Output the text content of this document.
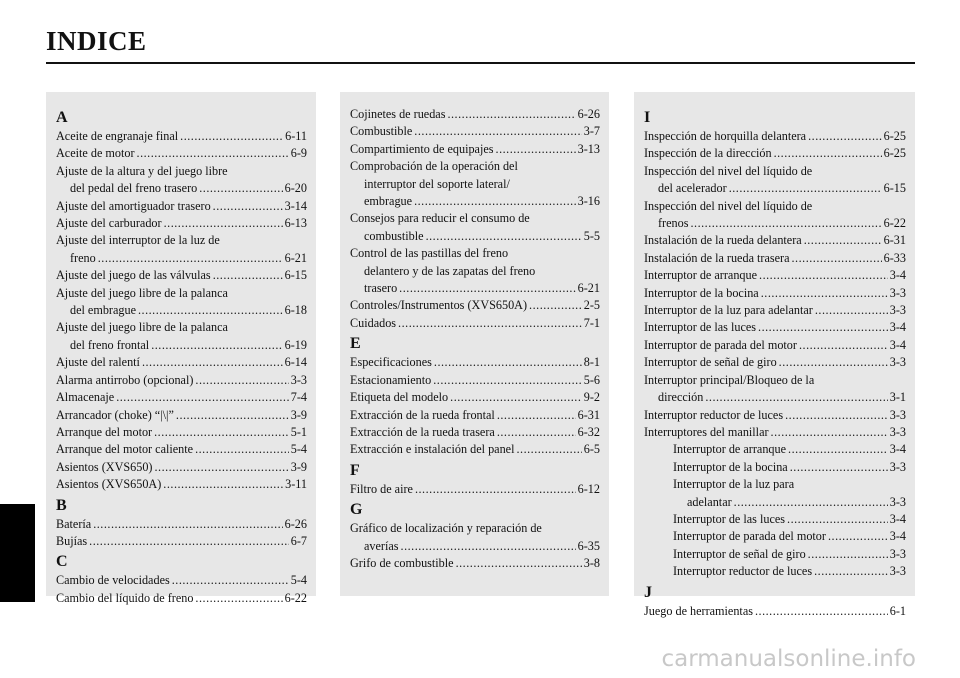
INDICE
A
Aceite de engranaje final .....	6-11
Aceite de motor .....	6-9
Ajuste de la altura y del juego libre
del pedal del freno trasero .....	6-20
Ajuste del amortiguador trasero .....	3-14
Ajuste del carburador .....	6-13
Ajuste del interruptor de la luz de
freno .....	6-21
Ajuste del juego de las válvulas .....	6-15
Ajuste del juego libre de la palanca
del embrague .....	6-18
Ajuste del juego libre de la palanca
del freno frontal .....	6-19
Ajuste del ralentí .....	6-14
Alarma antirrobo (opcional) .....	3-3
Almacenaje .....	7-4
Arrancador (choke) “|\|” .....	3-9
Arranque del motor .....	5-1
Arranque del motor caliente .....	5-4
Asientos (XVS650) .....	3-9
Asientos (XVS650A) .....	3-11
B
Batería .....	6-26
Bujías .....	6-7
C
Cambio de velocidades .....	5-4
Cambio del líquido de freno .....	6-22
Cojinetes de ruedas .....	6-26
Combustible .....	3-7
Compartimiento de equipajes .....	3-13
Comprobación de la operación del
interruptor del soporte lateral/
embrague .....	3-16
Consejos para reducir el consumo de
combustible .....	5-5
Control de las pastillas del freno
delantero y de las zapatas del freno
trasero .....	6-21
Controles/Instrumentos (XVS650A) .....	2-5
Cuidados .....	7-1
E
Especificaciones .....	8-1
Estacionamiento .....	5-6
Etiqueta del modelo .....	9-2
Extracción de la rueda frontal .....	6-31
Extracción de la rueda trasera .....	6-32
Extracción e instalación del panel .....	6-5
F
Filtro de aire .....	6-12
G
Gráfico de localización y reparación de
averías .....	6-35
Grifo de combustible .....	3-8
I
Inspección de horquilla delantera .....	6-25
Inspección de la dirección .....	6-25
Inspección del nivel del líquido de
del acelerador .....	6-15
Inspección del nivel del líquido de
frenos .....	6-22
Instalación de la rueda delantera .....	6-31
Instalación de la rueda trasera .....	6-33
Interruptor de arranque .....	3-4
Interruptor de la bocina .....	3-3
Interruptor de la luz para adelantar .....	3-3
Interruptor de las luces .....	3-4
Interruptor de parada del motor .....	3-4
Interruptor de señal de giro .....	3-3
Interruptor principal/Bloqueo de la
dirección .....	3-1
Interruptor reductor de luces .....	3-3
Interruptores del manillar .....	3-3
Interruptor de arranque .....	3-4
Interruptor de la bocina .....	3-3
Interruptor de la luz para
adelantar .....	3-3
Interruptor de las luces .....	3-4
Interruptor de parada del motor .....	3-4
Interruptor de señal de giro .....	3-3
Interruptor reductor de luces .....	3-3
J
Juego de herramientas .....	6-1
carmanualsonline.info
